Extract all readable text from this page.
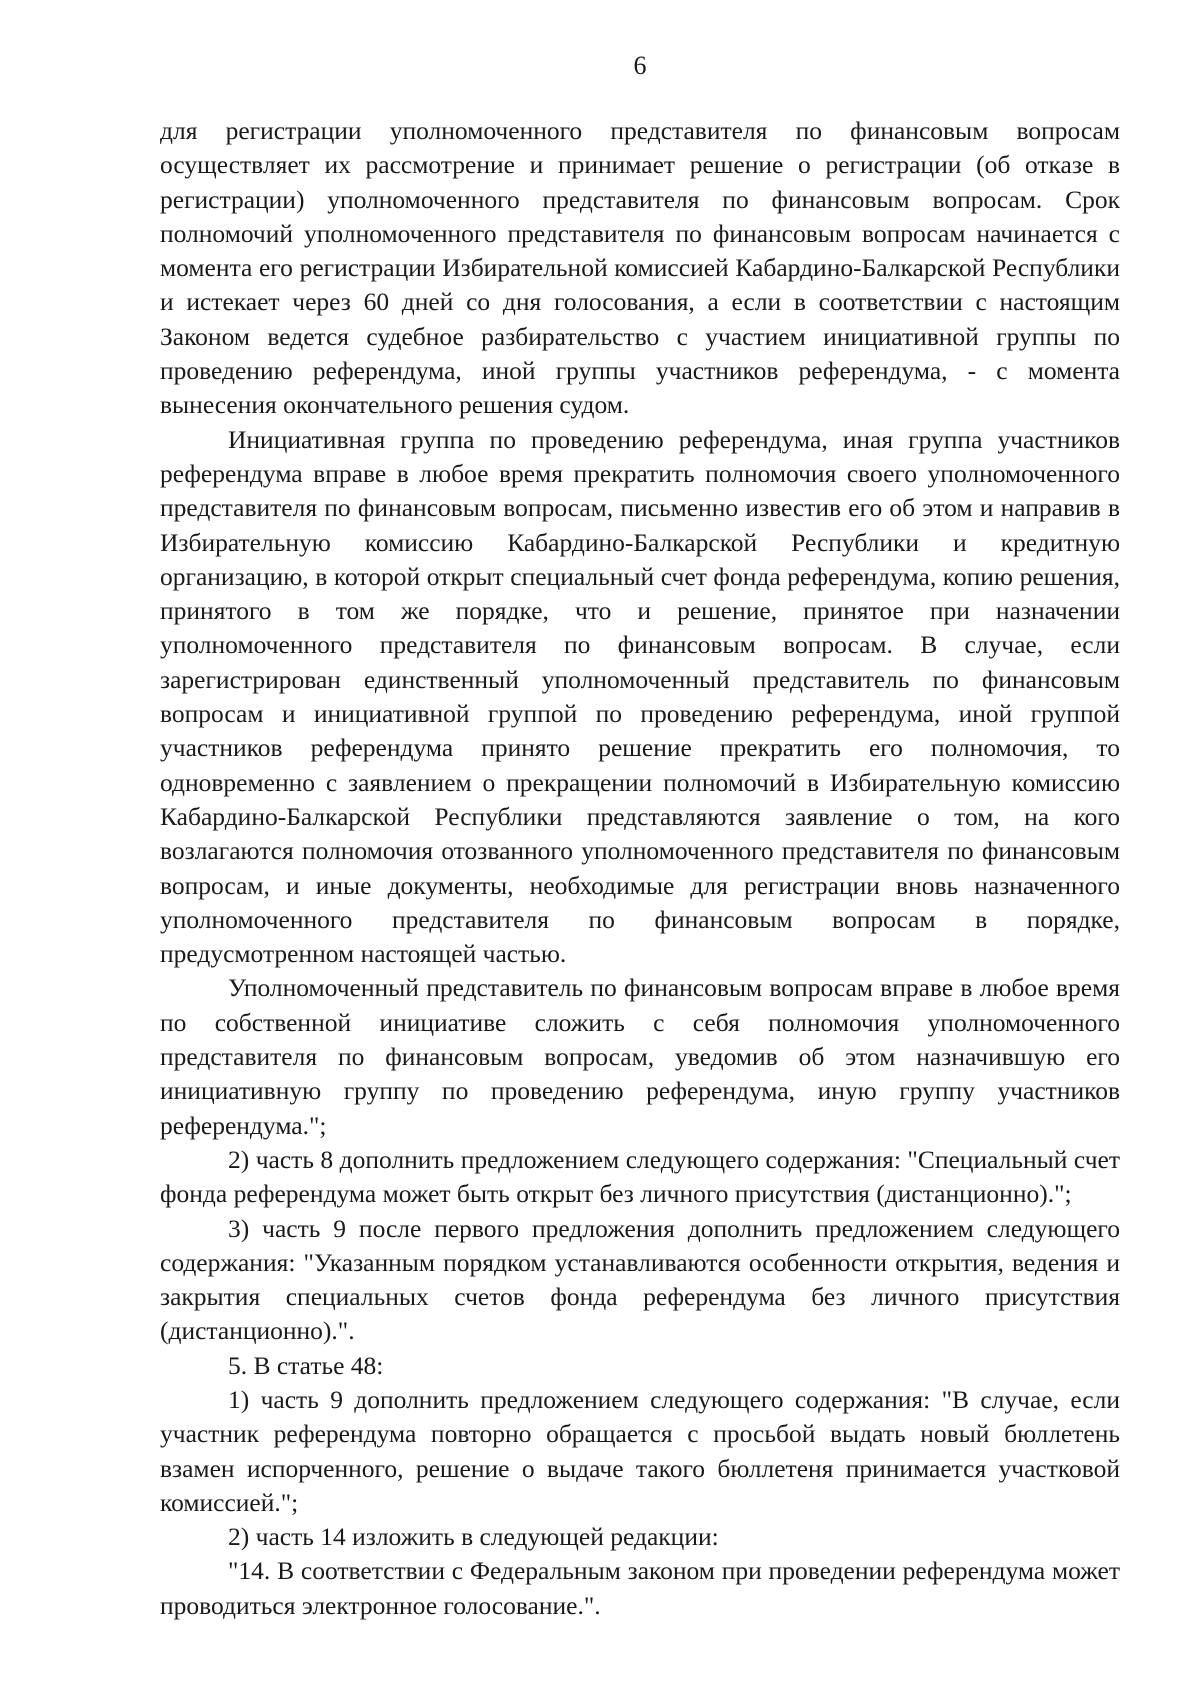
6

для регистрации уполномоченного представителя по финансовым вопросам осуществляет их рассмотрение и принимает решение о регистрации (об отказе в регистрации) уполномоченного представителя по финансовым вопросам. Срок полномочий уполномоченного представителя по финансовым вопросам начинается с момента его регистрации Избирательной комиссией Кабардино-Балкарской Республики и истекает через 60 дней со дня голосования, а если в соответствии с настоящим Законом ведется судебное разбирательство с участием инициативной группы по проведению референдума, иной группы участников референдума, - с момента вынесения окончательного решения судом.

Инициативная группа по проведению референдума, иная группа участников референдума вправе в любое время прекратить полномочия своего уполномоченного представителя по финансовым вопросам, письменно известив его об этом и направив в Избирательную комиссию Кабардино-Балкарской Республики и кредитную организацию, в которой открыт специальный счет фонда референдума, копию решения, принятого в том же порядке, что и решение, принятое при назначении уполномоченного представителя по финансовым вопросам. В случае, если зарегистрирован единственный уполномоченный представитель по финансовым вопросам и инициативной группой по проведению референдума, иной группой участников референдума принято решение прекратить его полномочия, то одновременно с заявлением о прекращении полномочий в Избирательную комиссию Кабардино-Балкарской Республики представляются заявление о том, на кого возлагаются полномочия отозванного уполномоченного представителя по финансовым вопросам, и иные документы, необходимые для регистрации вновь назначенного уполномоченного представителя по финансовым вопросам в порядке, предусмотренном настоящей частью.

Уполномоченный представитель по финансовым вопросам вправе в любое время по собственной инициативе сложить с себя полномочия уполномоченного представителя по финансовым вопросам, уведомив об этом назначившую его инициативную группу по проведению референдума, иную группу участников референдума.";

2) часть 8 дополнить предложением следующего содержания: "Специальный счет фонда референдума может быть открыт без личного присутствия (дистанционно).";

3) часть 9 после первого предложения дополнить предложением следующего содержания: "Указанным порядком устанавливаются особенности открытия, ведения и закрытия специальных счетов фонда референдума без личного присутствия (дистанционно).".

5. В статье 48:

1) часть 9 дополнить предложением следующего содержания: "В случае, если участник референдума повторно обращается с просьбой выдать новый бюллетень взамен испорченного, решение о выдаче такого бюллетеня принимается участковой комиссией.";

2) часть 14 изложить в следующей редакции:

"14. В соответствии с Федеральным законом при проведении референдума может проводиться электронное голосование.".
